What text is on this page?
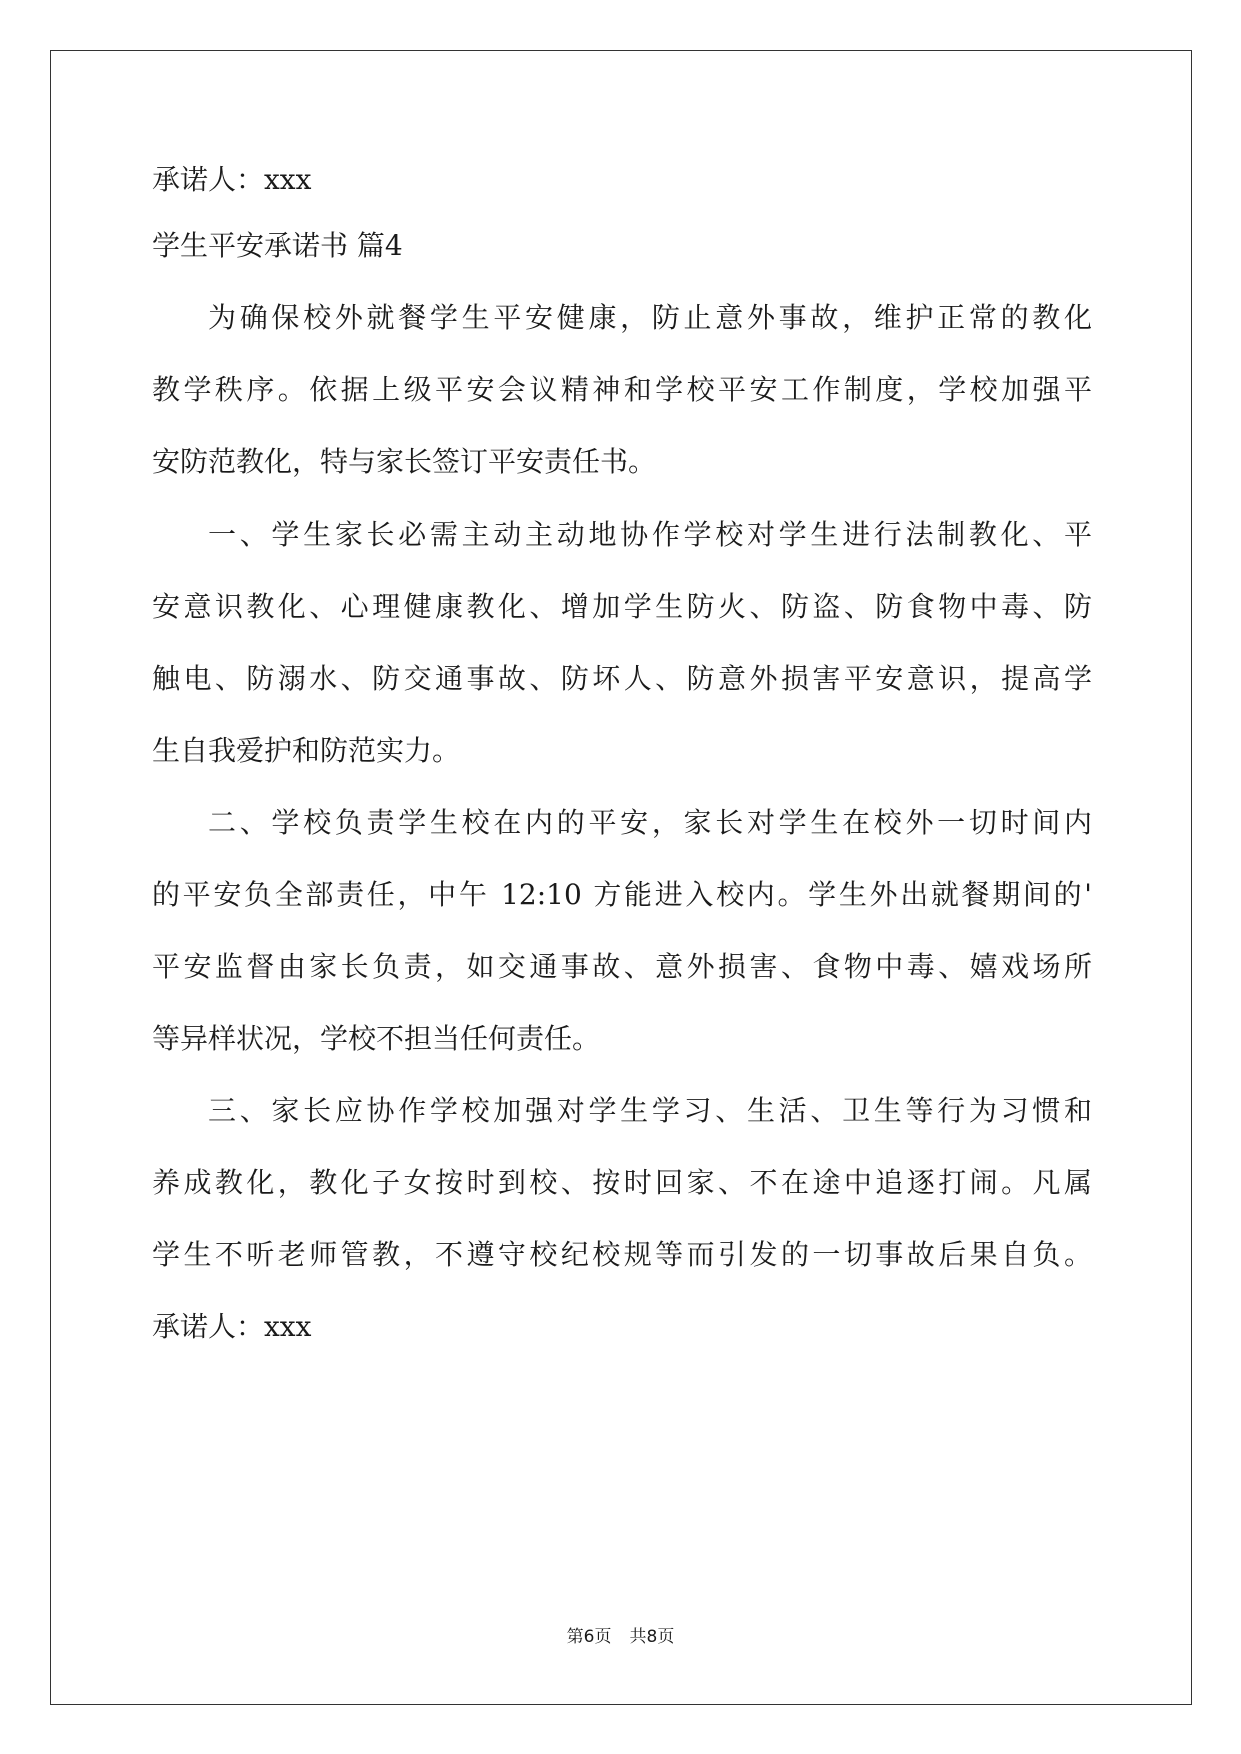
承诺人：xxx
学生平安承诺书 篇4
为确保校外就餐学生平安健康，防止意外事故，维护正常的教化
教学秩序。依据上级平安会议精神和学校平安工作制度，学校加强平
安防范教化，特与家长签订平安责任书。
一、学生家长必需主动主动地协作学校对学生进行法制教化、平
安意识教化、心理健康教化、增加学生防火、防盗、防食物中毒、防
触电、防溺水、防交通事故、防坏人、防意外损害平安意识，提高学
生自我爱护和防范实力。
二、学校负责学生校在内的平安，家长对学生在校外一切时间内
的平安负全部责任，中午 12:10 方能进入校内。学生外出就餐期间的'
平安监督由家长负责，如交通事故、意外损害、食物中毒、嬉戏场所
等异样状况，学校不担当任何责任。
三、家长应协作学校加强对学生学习、生活、卫生等行为习惯和
养成教化，教化子女按时到校、按时回家、不在途中追逐打闹。凡属
学生不听老师管教，不遵守校纪校规等而引发的一切事故后果自负。
承诺人：xxx
第6页 共8页
